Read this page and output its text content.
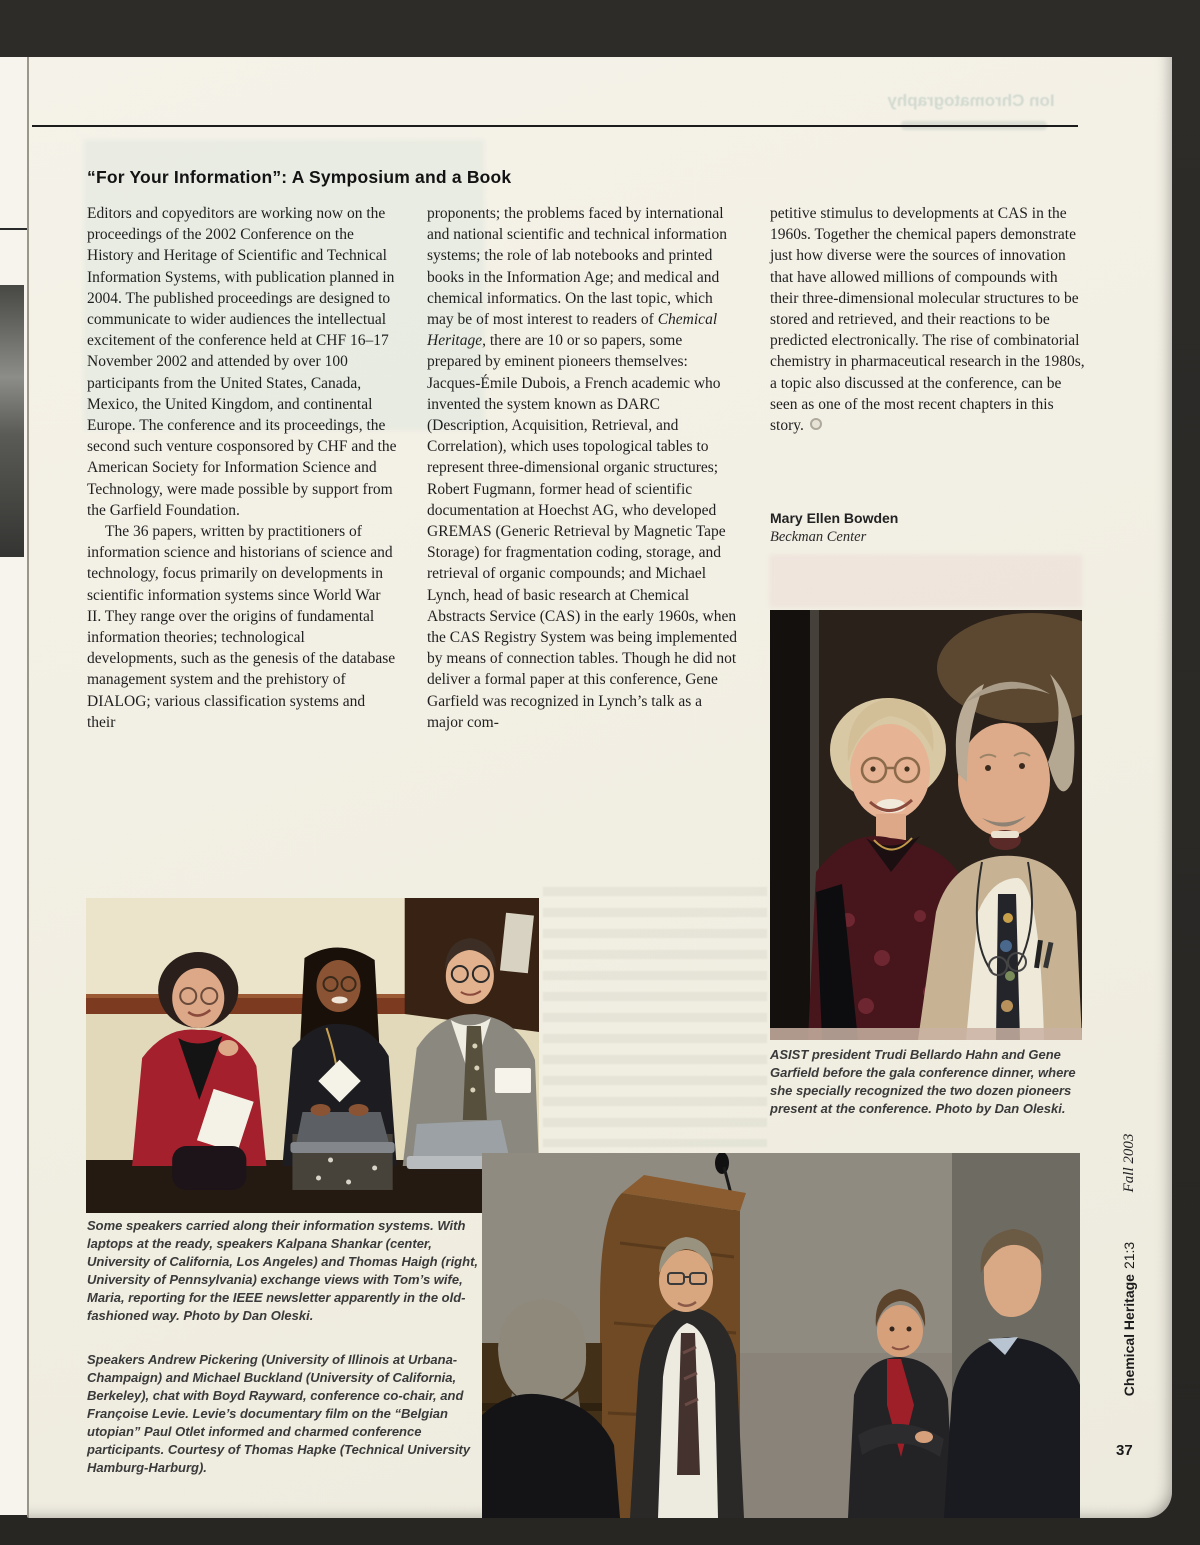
Ion Chromatography
“For Your Information”: A Symposium and a Book

Editors and copyeditors are working now on the proceedings of the 2002 Conference on the History and Heritage of Scientific and Technical Information Systems, with publication planned in 2004. The published proceedings are designed to communicate to wider audiences the intellectual excitement of the conference held at CHF 16–17 November 2002 and attended by over 100 participants from the United States, Canada, Mexico, the United Kingdom, and continental Europe. The conference and its proceedings, the second such venture cosponsored by CHF and the American Society for Information Science and Technology, were made possible by support from the Garfield Foundation.

The 36 papers, written by practitioners of information science and historians of science and technology, focus primarily on developments in scientific information systems since World War II. They range over the origins of fundamental information theories; technological developments, such as the genesis of the database management system and the prehistory of DIALOG; various classification systems and their

proponents; the problems faced by international and national scientific and technical information systems; the role of lab notebooks and printed books in the Information Age; and medical and chemical informatics. On the last topic, which may be of most interest to readers of Chemical Heritage, there are 10 or so papers, some prepared by eminent pioneers themselves: Jacques-Émile Dubois, a French academic who invented the system known as DARC (Description, Acquisition, Retrieval, and Correlation), which uses topological tables to represent three-dimensional organic structures; Robert Fugmann, former head of scientific documentation at Hoechst AG, who developed GREMAS (Generic Retrieval by Magnetic Tape Storage) for fragmentation coding, storage, and retrieval of organic compounds; and Michael Lynch, head of basic research at Chemical Abstracts Service (CAS) in the early 1960s, when the CAS Registry System was being implemented by means of connection tables. Though he did not deliver a formal paper at this conference, Gene Garfield was recognized in Lynch’s talk as a major com-

petitive stimulus to developments at CAS in the 1960s. Together the chemical papers demonstrate just how diverse were the sources of innovation that have allowed millions of compounds with their three-dimensional molecular structures to be stored and retrieved, and their reactions to be predicted electronically. The rise of combinatorial chemistry in pharmaceutical research in the 1980s, a topic also discussed at the conference, can be seen as one of the most recent chapters in this story.

Mary Ellen Bowden
Beckman Center
ASIST president Trudi Bellardo Hahn and Gene Garfield before the gala conference dinner, where she specially recognized the two dozen pioneers present at the conference. Photo by Dan Oleski.
Some speakers carried along their information systems. With laptops at the ready, speakers Kalpana Shankar (center, University of California, Los Angeles) and Thomas Haigh (right, University of Pennsylvania) exchange views with Tom’s wife, Maria, reporting for the IEEE newsletter apparently in the old-fashioned way. Photo by Dan Oleski.
Speakers Andrew Pickering (University of Illinois at Urbana-Champaign) and Michael Buckland (University of California, Berkeley), chat with Boyd Rayward, conference co-chair, and Françoise Levie. Levie’s documentary film on the “Belgian utopian” Paul Otlet informed and charmed conference participants. Courtesy of Thomas Hapke (Technical University Hamburg-Harburg).
Fall 2003
Chemical Heritage21:3
37
